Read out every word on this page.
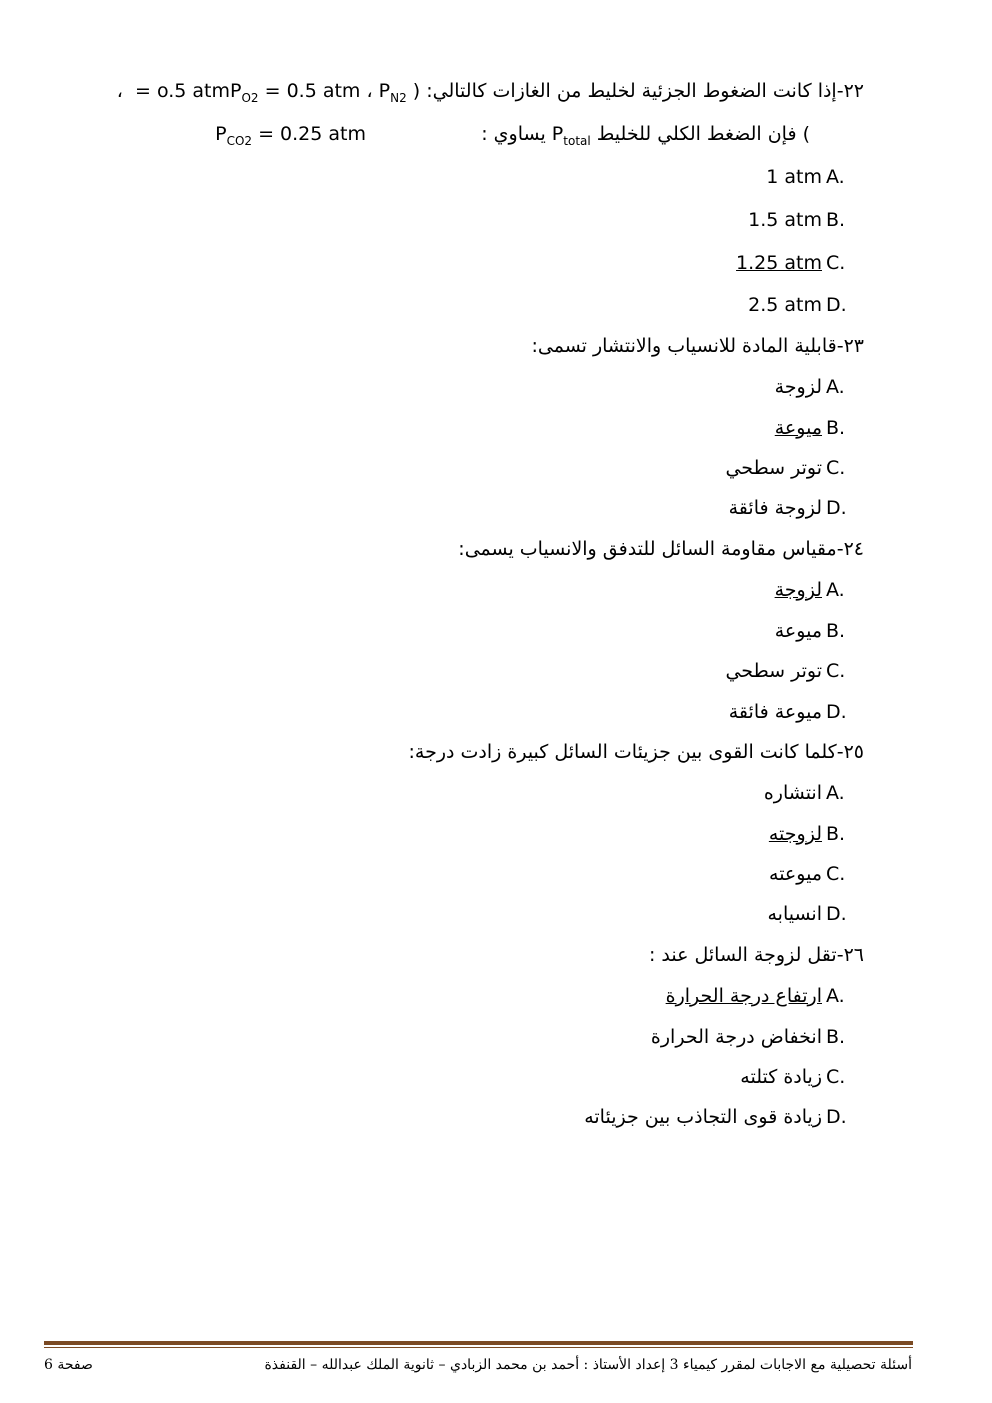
٢٢-إذا كانت الضغوط الجزئية لخليط من الغازات كالتالي: ( $P_{O2} = 0.5$ atm ، $P_{N2} = o.5$ atm ،
) فإن الضغط الكلي للخليط $P_{total}$ يساوي :
$P_{CO2} = 0.25$ atm
A.1 atm
B.1.5 atm
C.1.25 atm
D.2.5 atm
٢٣-قابلية المادة للانسياب والانتشار تسمى:
A.لزوجة
B.ميوعة
C.توتر سطحي
D.لزوجة فائقة
٢٤-مقياس مقاومة السائل للتدفق والانسياب يسمى:
A.لزوجة
B.ميوعة
C.توتر سطحي
D.ميوعة فائقة
٢٥-كلما كانت القوى بين جزيئات السائل كبيرة زادت درجة:
A.انتشاره
B.لزوجته
C.ميوعته
D.انسيابه
٢٦-تقل لزوجة السائل عند :
A.ارتفاع درجة الحرارة
B.انخفاض درجة الحرارة
C.زيادة كتلته
D.زيادة قوى التجاذب بين جزيئاته
أسئلة تحصيلية مع الاجابات لمقرر كيمياء 3 إعداد الأستاذ : أحمد بن محمد الزبادي – ثانوية الملك عبدالله – القنفذة
صفحة 6
